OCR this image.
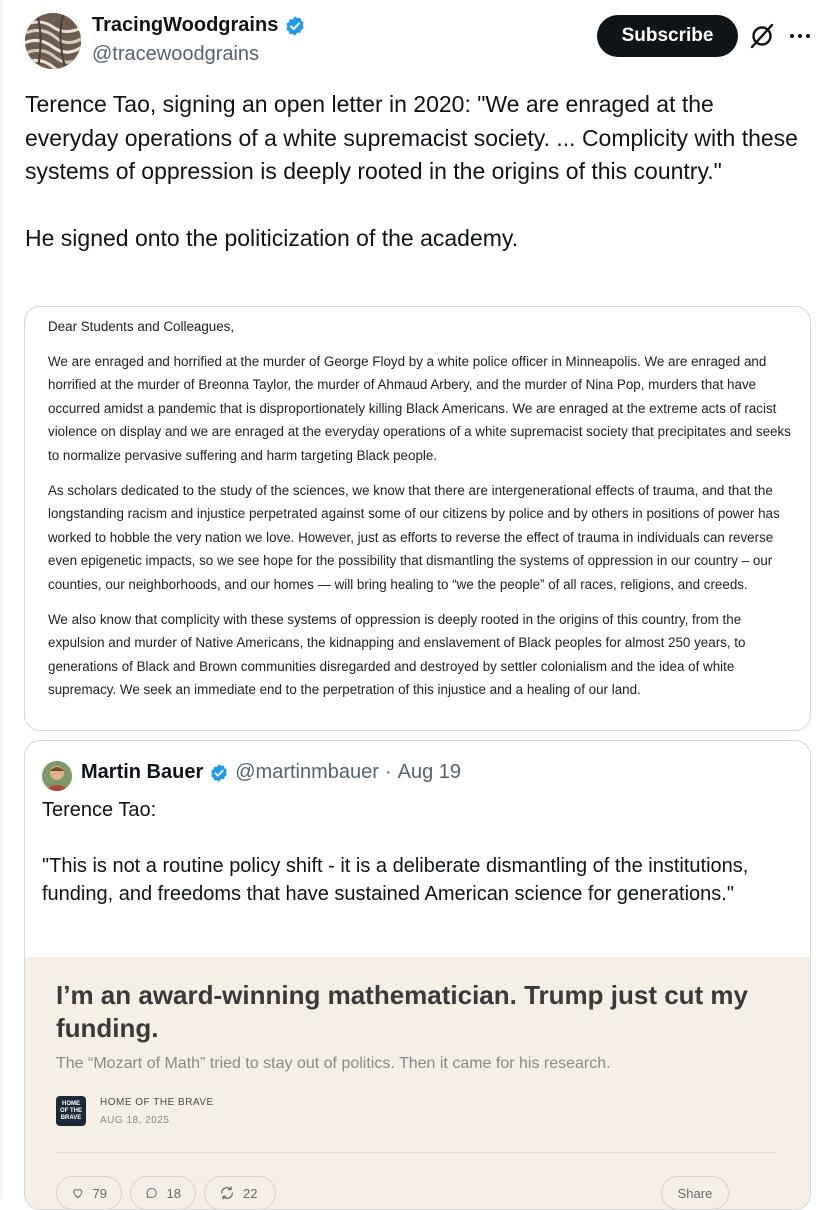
TracingWoodgrains
@tracewoodgrains
Subscribe

Terence Tao, signing an open letter in 2020: "We are enraged at the everyday operations of a white supremacist society. ... Complicity with these systems of oppression is deeply rooted in the origins of this country."

He signed onto the politicization of the academy.

Dear Students and Colleagues,

We are enraged and horrified at the murder of George Floyd by a white police officer in Minneapolis. We are enraged and horrified at the murder of Breonna Taylor, the murder of Ahmaud Arbery, and the murder of Nina Pop, murders that have occurred amidst a pandemic that is disproportionately killing Black Americans. We are enraged at the extreme acts of racist violence on display and we are enraged at the everyday operations of a white supremacist society that precipitates and seeks to normalize pervasive suffering and harm targeting Black people.

As scholars dedicated to the study of the sciences, we know that there are intergenerational effects of trauma, and that the longstanding racism and injustice perpetrated against some of our citizens by police and by others in positions of power has worked to hobble the very nation we love. However, just as efforts to reverse the effect of trauma in individuals can reverse even epigenetic impacts, so we see hope for the possibility that dismantling the systems of oppression in our country – our counties, our neighborhoods, and our homes — will bring healing to “we the people” of all races, religions, and creeds.

We also know that complicity with these systems of oppression is deeply rooted in the origins of this country, from the expulsion and murder of Native Americans, the kidnapping and enslavement of Black peoples for almost 250 years, to generations of Black and Brown communities disregarded and destroyed by settler colonialism and the idea of white supremacy. We seek an immediate end to the perpetration of this injustice and a healing of our land.

Martin Bauer @martinmbauer · Aug 19

Terence Tao:

"This is not a routine policy shift - it is a deliberate dismantling of the institutions, funding, and freedoms that have sustained American science for generations."

I’m an award-winning mathematician. Trump just cut my funding.
The “Mozart of Math” tried to stay out of politics. Then it came for his research.
HOME
OF THE
BRAVE
HOME OF THE BRAVE
AUG 18, 2025
79	18	22	Share
